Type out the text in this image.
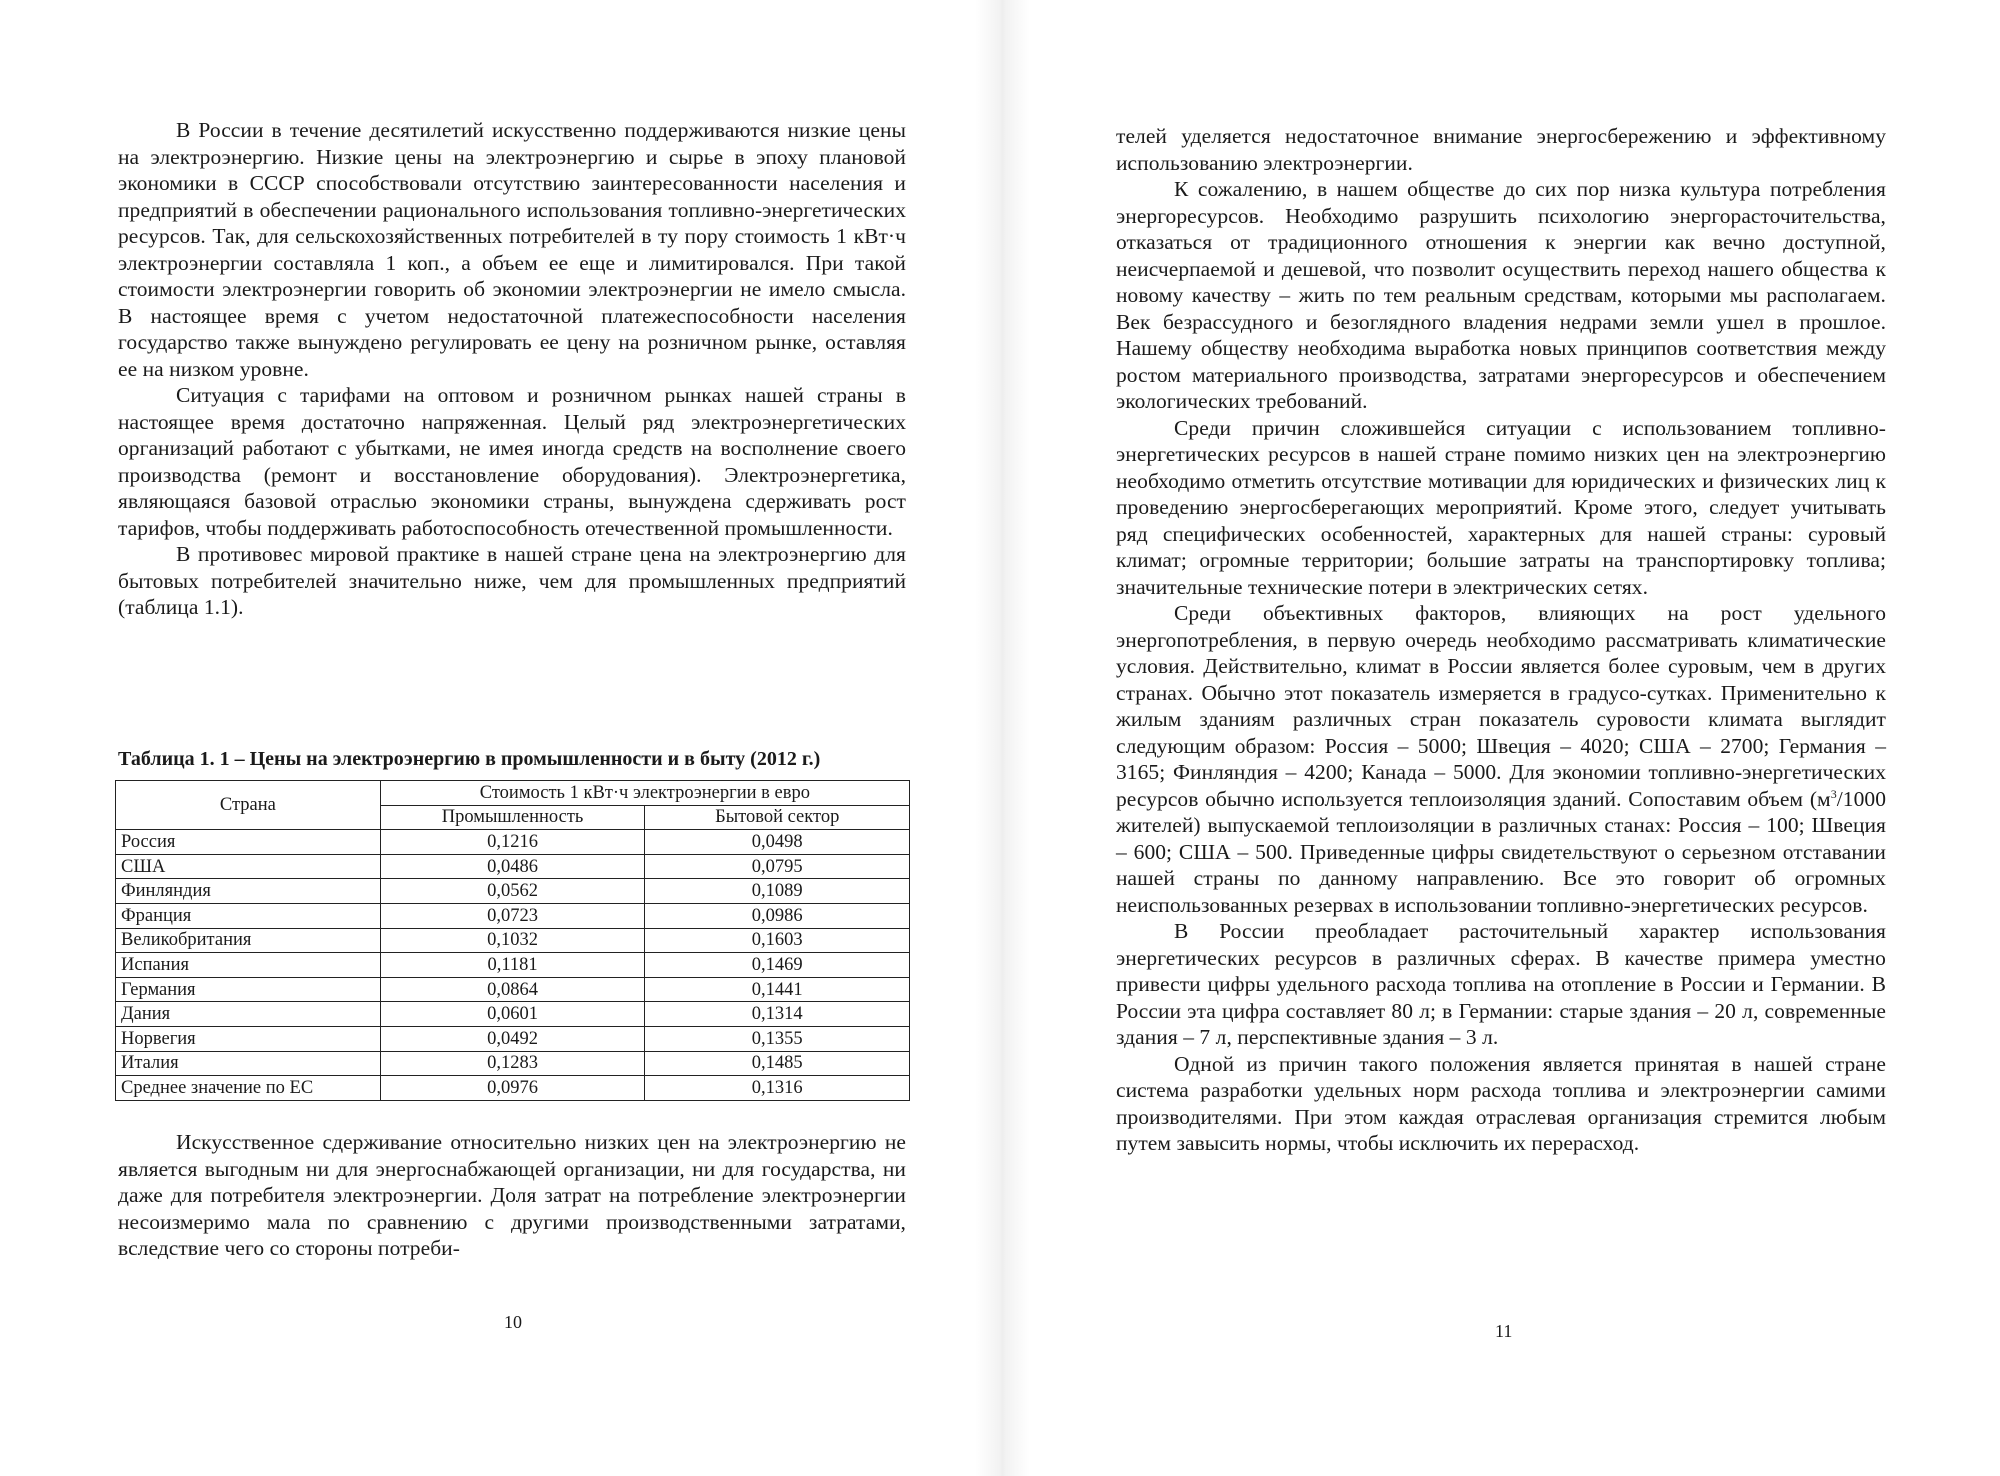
В России в течение десятилетий искусственно поддерживаются низкие цены на электроэнергию. Низкие цены на электроэнергию и сырье в эпоху плановой экономики в СССР способствовали отсутствию заинтересованности населения и предприятий в обеспечении рационального использования топливно-энергетических ресурсов. Так, для сельскохозяйственных потребителей в ту пору стоимость 1 кВт·ч электроэнергии составляла 1 коп., а объем ее еще и лимитировался. При такой стоимости электроэнергии говорить об экономии электроэнергии не имело смысла. В настоящее время с учетом недостаточной платежеспособности населения государство также вынуждено регулировать ее цену на розничном рынке, оставляя ее на низком уровне.

Ситуация с тарифами на оптовом и розничном рынках нашей страны в настоящее время достаточно напряженная. Целый ряд электроэнергетических организаций работают с убытками, не имея иногда средств на восполнение своего производства (ремонт и восстановление оборудования). Электроэнергетика, являющаяся базовой отраслью экономики страны, вынуждена сдерживать рост тарифов, чтобы поддерживать работоспособность отечественной промышленности.

В противовес мировой практике в нашей стране цена на электроэнергию для бытовых потребителей значительно ниже, чем для промышленных предприятий (таблица 1.1).

Таблица 1. 1 – Цены на электроэнергию в промышленности и в быту (2012 г.)
Страна	Стоимость 1 кВт·ч электроэнергии в евро	
	Промышленность	Бытовой сектор
Россия	0,1216	0,0498
США	0,0486	0,0795
Финляндия	0,0562	0,1089
Франция	0,0723	0,0986
Великобритания	0,1032	0,1603
Испания	0,1181	0,1469
Германия	0,0864	0,1441
Дания	0,0601	0,1314
Норвегия	0,0492	0,1355
Италия	0,1283	0,1485
Среднее значение по ЕС	0,0976	0,1316

Искусственное сдерживание относительно низких цен на электроэнергию не является выгодным ни для энергоснабжающей организации, ни для государства, ни даже для потребителя электроэнергии. Доля затрат на потребление электроэнергии несоизмеримо мала по сравнению с другими производственными затратами, вследствие чего со стороны потреби-

10

телей уделяется недостаточное внимание энергосбережению и эффективному использованию электроэнергии.

К сожалению, в нашем обществе до сих пор низка культура потребления энергоресурсов. Необходимо разрушить психологию энергорасточительства, отказаться от традиционного отношения к энергии как вечно доступной, неисчерпаемой и дешевой, что позволит осуществить переход нашего общества к новому качеству – жить по тем реальным средствам, которыми мы располагаем. Век безрассудного и безоглядного владения недрами земли ушел в прошлое. Нашему обществу необходима выработка новых принципов соответствия между ростом материального производства, затратами энергоресурсов и обеспечением экологических требований.

Среди причин сложившейся ситуации с использованием топливно-энергетических ресурсов в нашей стране помимо низких цен на электроэнергию необходимо отметить отсутствие мотивации для юридических и физических лиц к проведению энергосберегающих мероприятий. Кроме этого, следует учитывать ряд специфических особенностей, характерных для нашей страны: суровый климат; огромные территории; большие затраты на транспортировку топлива; значительные технические потери в электрических сетях.

Среди объективных факторов, влияющих на рост удельного энергопотребления, в первую очередь необходимо рассматривать климатические условия. Действительно, климат в России является более суровым, чем в других странах. Обычно этот показатель измеряется в градусо-сутках. Применительно к жилым зданиям различных стран показатель суровости климата выглядит следующим образом: Россия – 5000; Швеция – 4020; США – 2700; Германия – 3165; Финляндия – 4200; Канада – 5000. Для экономии топливно-энергетических ресурсов обычно используется теплоизоляция зданий. Сопоставим объем ($м^3/1000$ жителей) выпускаемой теплоизоляции в различных станах: Россия – 100; Швеция – 600; США – 500. Приведенные цифры свидетельствуют о серьезном отставании нашей страны по данному направлению. Все это говорит об огромных неиспользованных резервах в использовании топливно-энергетических ресурсов.

В России преобладает расточительный характер использования энергетических ресурсов в различных сферах. В качестве примера уместно привести цифры удельного расхода топлива на отопление в России и Германии. В России эта цифра составляет 80 л; в Германии: старые здания – 20 л, современные здания – 7 л, перспективные здания – 3 л.

Одной из причин такого положения является принятая в нашей стране система разработки удельных норм расхода топлива и электроэнергии самими производителями. При этом каждая отраслевая организация стремится любым путем завысить нормы, чтобы исключить их перерасход.

11
